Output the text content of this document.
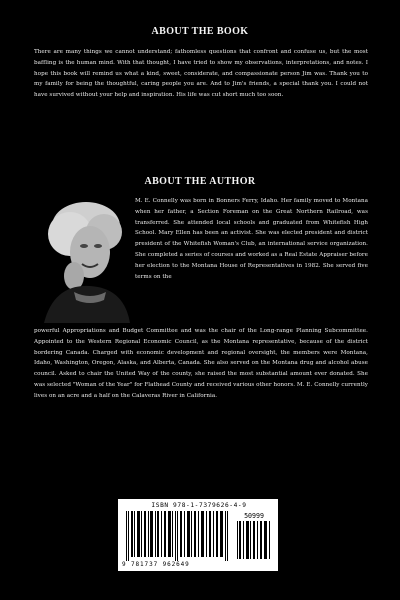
ABOUT THE BOOK

There are many things we cannot understand; fathomless questions that confront and confuse us, but the most baffling is the human mind. With that thought, I have tried to show my observations, interpretations, and notes. I hope this book will remind us what a kind, sweet, considerate, and compassionate person Jim was. Thank you to my family for being the thoughtful, caring people you are. And to Jim's friends, a special thank you. I could not have survived without your help and inspiration. His life was cut short much too soon.

ABOUT THE AUTHOR

M. E. Connelly was born in Bonners Ferry, Idaho. Her family moved to Montana when her father, a Section Foreman on the Great Northern Railroad, was transferred. She attended local schools and graduated from Whitefish High School. Mary Ellen has been an activist. She was elected president and district president of the Whitefish Woman's Club, an international service organization. She completed a series of courses and worked as a Real Estate Appraiser before her election to the Montana House of Representatives in 1982. She served five terms on the

powerful Appropriations and Budget Committee and was the chair of the Long-range Planning Subcommittee. Appointed to the Western Regional Economic Council, as the Montana representative, because of the district bordering Canada. Charged with economic development and regional oversight, the members were Montana, Idaho, Washington, Oregon, Alaska, and Alberta, Canada. She also served on the Montana drug and alcohol abuse council. Asked to chair the United Way of the county, she raised the most substantial amount ever donated. She was selected "Woman of the Year" for Flathead County and received various other honors. M. E. Connelly currently lives on an acre and a half on the Calaveras River in California.

ISBN 978-1-7379626-4-9
50999
9 781737 962649
